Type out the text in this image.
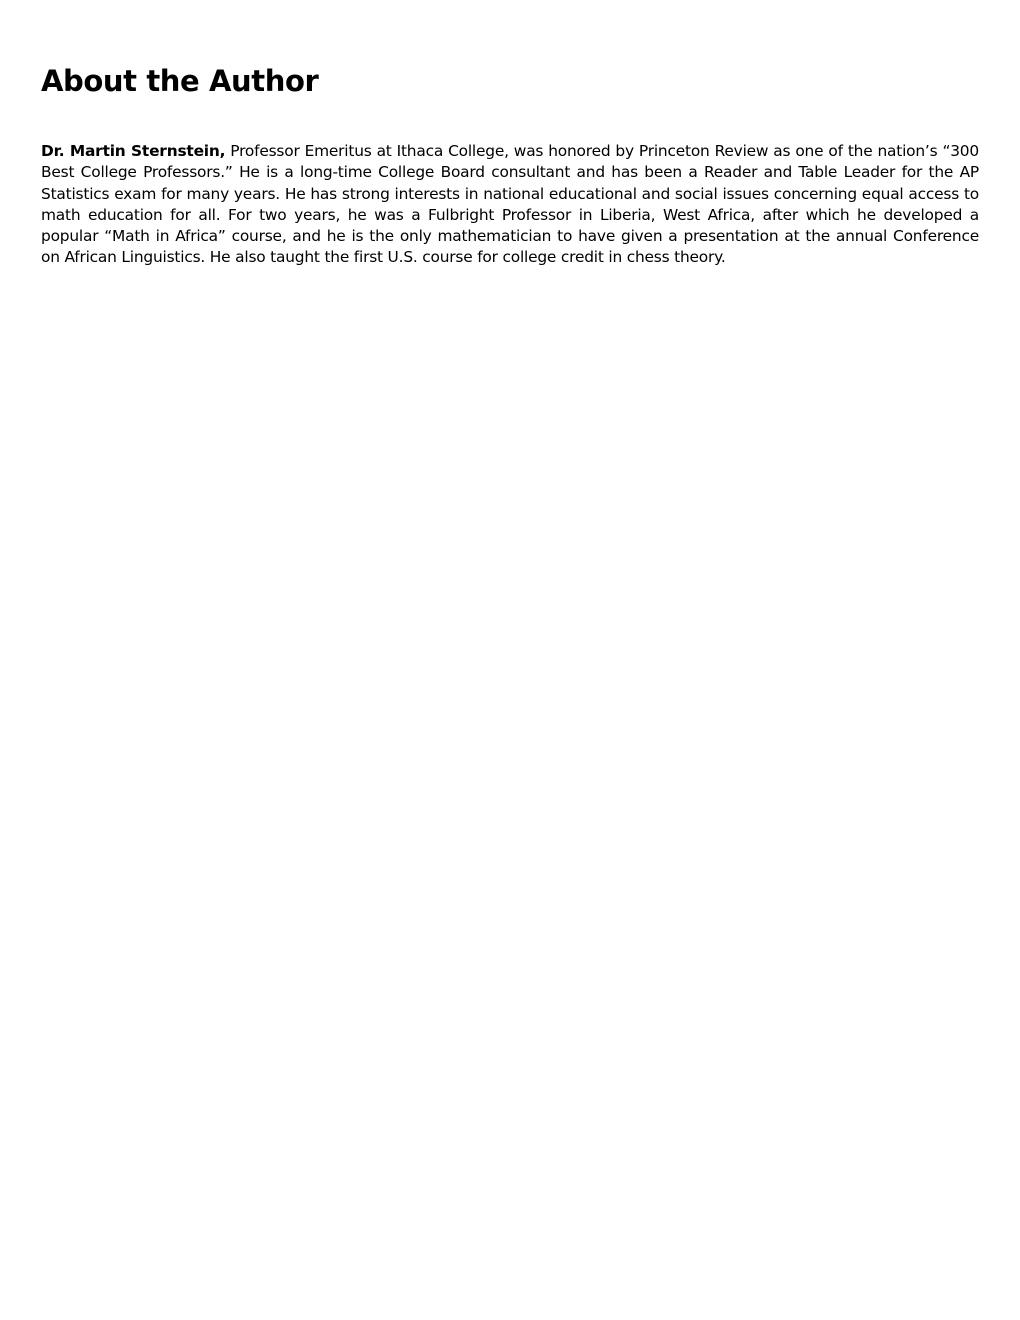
About the Author

Dr. Martin Sternstein, Professor Emeritus at Ithaca College, was honored by Princeton Review as one of the nation’s “300 Best College Professors.” He is a long-time College Board consultant and has been a Reader and Table Leader for the AP Statistics exam for many years. He has strong interests in national educational and social issues concerning equal access to math education for all. For two years, he was a Fulbright Professor in Liberia, West Africa, after which he developed a popular “Math in Africa” course, and he is the only mathematician to have given a presentation at the annual Conference on African Linguistics. He also taught the first U.S. course for college credit in chess theory.
